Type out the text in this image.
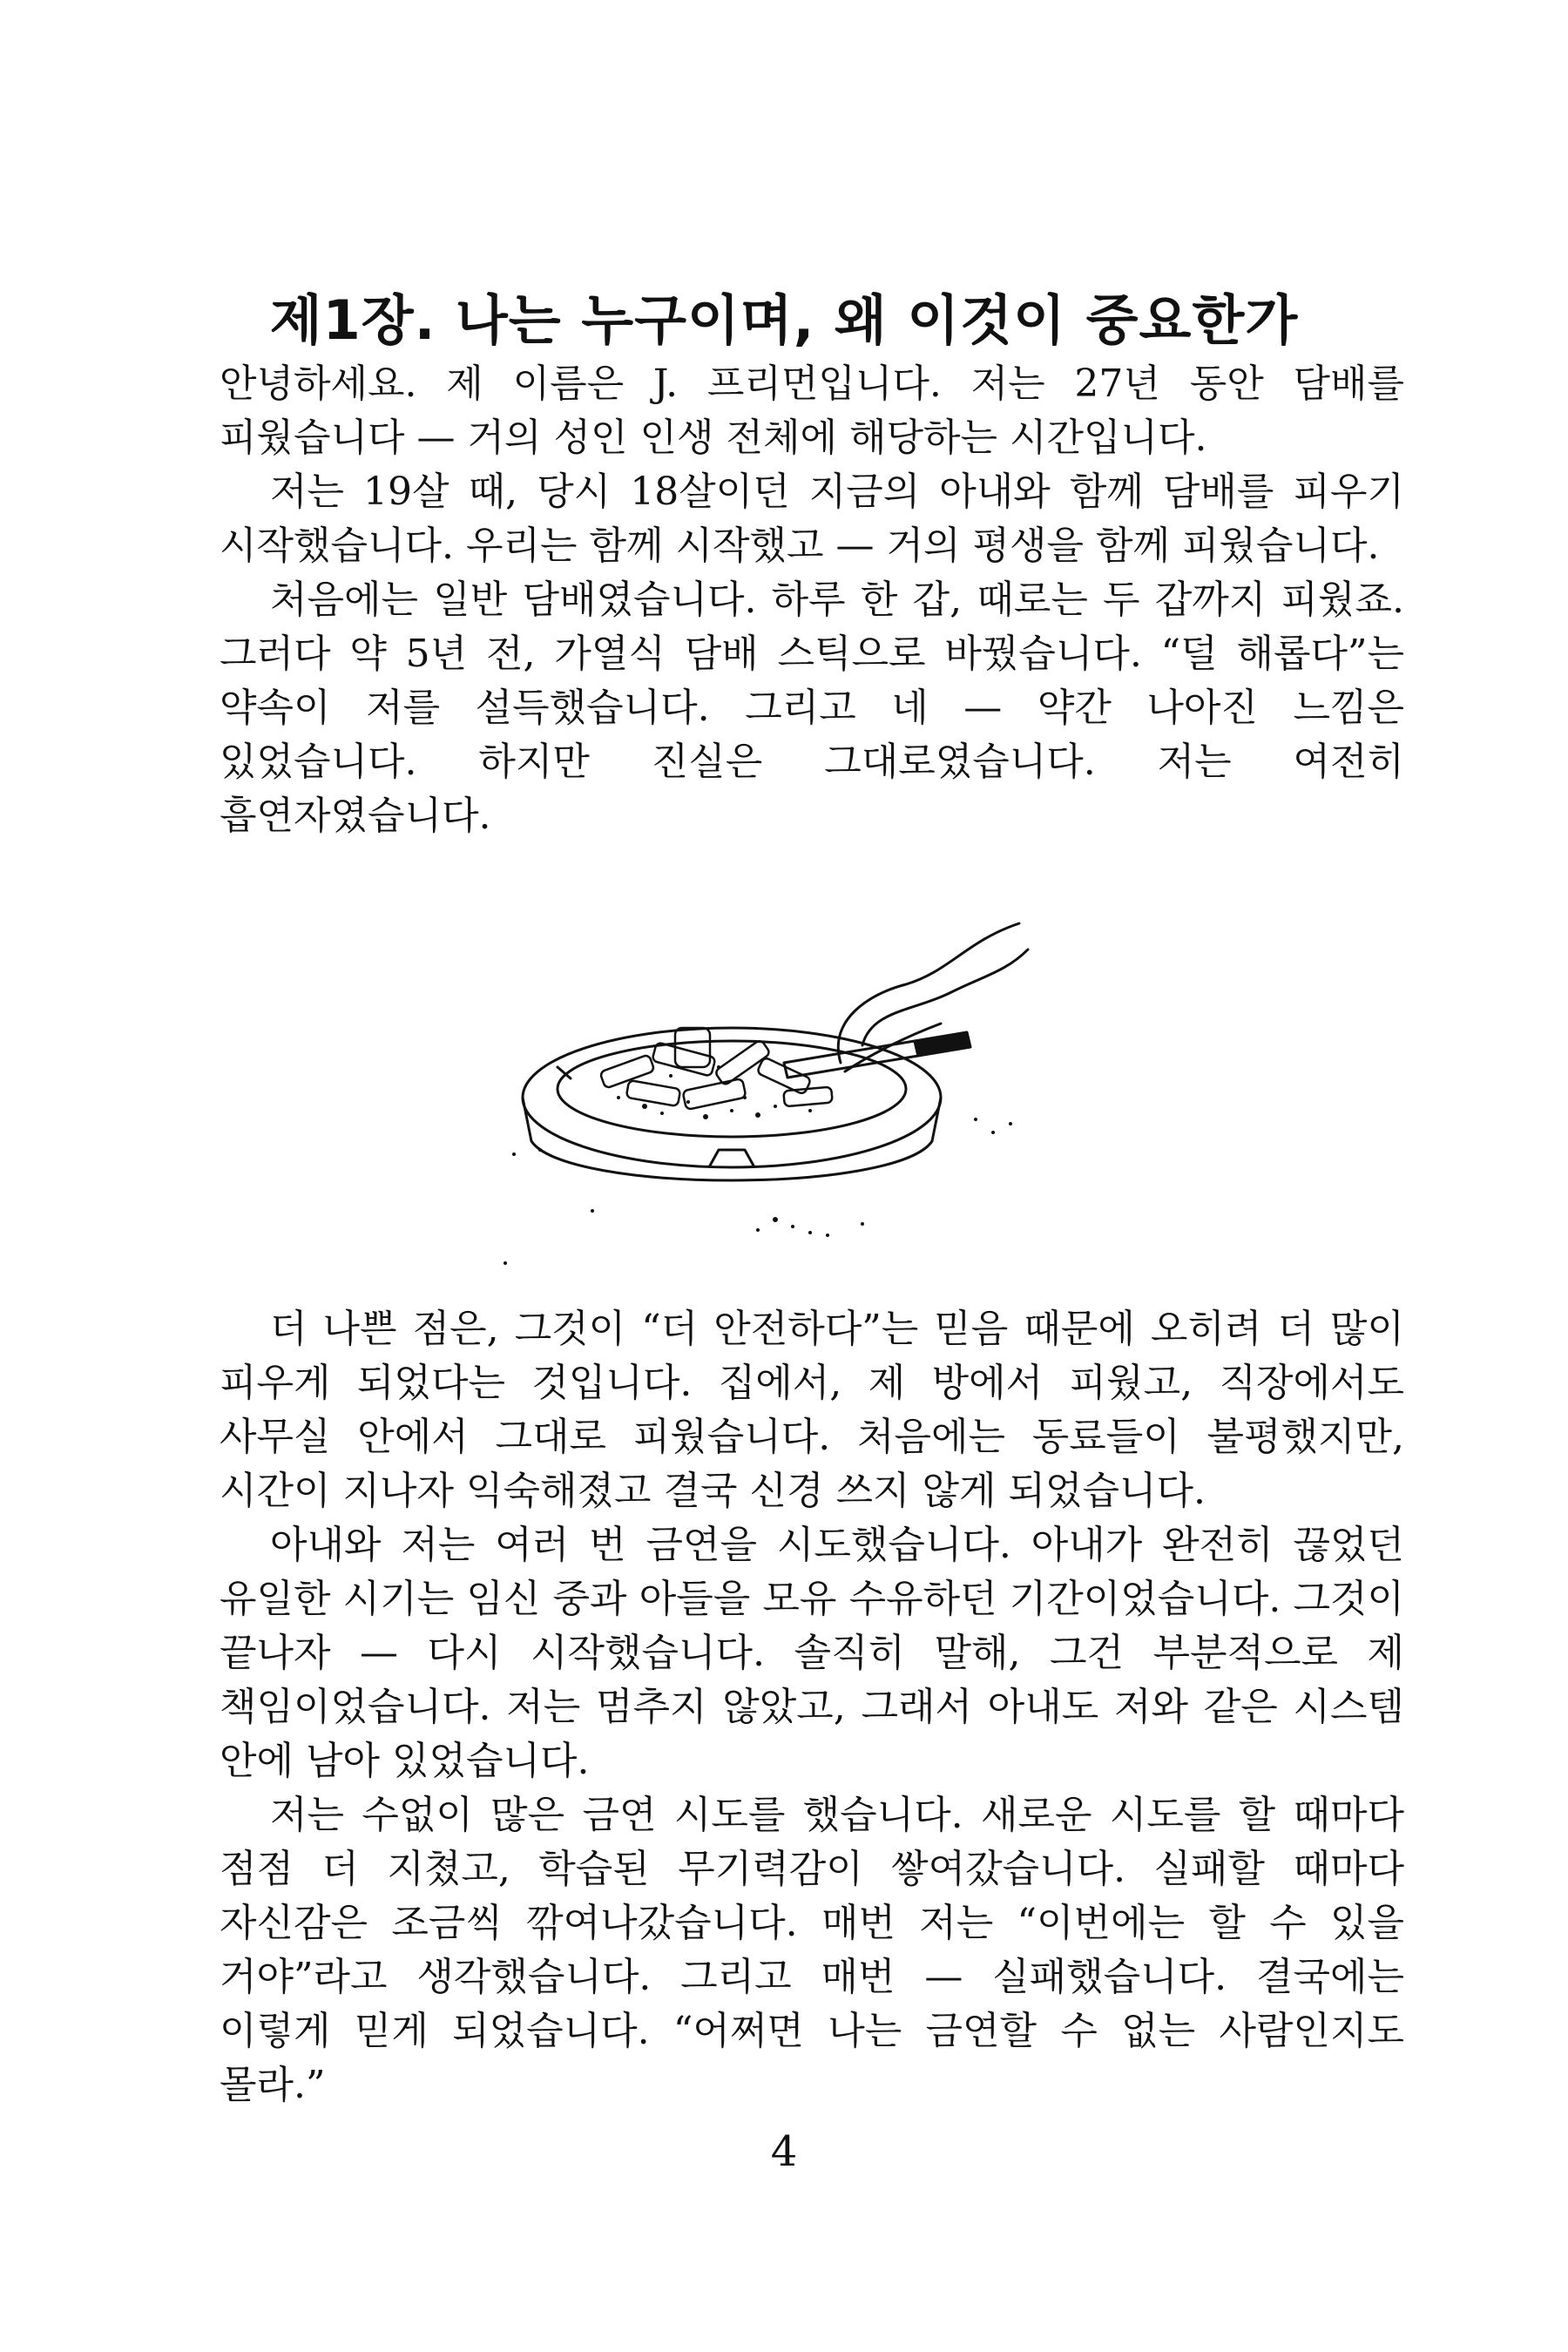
제1장. 나는 누구이며, 왜 이것이 중요한가

안녕하세요. 제 이름은 J. 프리먼입니다. 저는 27년 동안 담배를 피웠습니다 — 거의 성인 인생 전체에 해당하는 시간입니다.

저는 19살 때, 당시 18살이던 지금의 아내와 함께 담배를 피우기 시작했습니다. 우리는 함께 시작했고 — 거의 평생을 함께 피웠습니다.

처음에는 일반 담배였습니다. 하루 한 갑, 때로는 두 갑까지 피웠죠. 그러다 약 5년 전, 가열식 담배 스틱으로 바꿨습니다. “덜 해롭다”는 약속이 저를 설득했습니다. 그리고 네 — 약간 나아진 느낌은 있었습니다. 하지만 진실은 그대로였습니다. 저는 여전히 흡연자였습니다.

더 나쁜 점은, 그것이 “더 안전하다”는 믿음 때문에 오히려 더 많이 피우게 되었다는 것입니다. 집에서, 제 방에서 피웠고, 직장에서도 사무실 안에서 그대로 피웠습니다. 처음에는 동료들이 불평했지만, 시간이 지나자 익숙해졌고 결국 신경 쓰지 않게 되었습니다.

아내와 저는 여러 번 금연을 시도했습니다. 아내가 완전히 끊었던 유일한 시기는 임신 중과 아들을 모유 수유하던 기간이었습니다. 그것이 끝나자 — 다시 시작했습니다. 솔직히 말해, 그건 부분적으로 제 책임이었습니다. 저는 멈추지 않았고, 그래서 아내도 저와 같은 시스템 안에 남아 있었습니다.

저는 수없이 많은 금연 시도를 했습니다. 새로운 시도를 할 때마다 점점 더 지쳤고, 학습된 무기력감이 쌓여갔습니다. 실패할 때마다 자신감은 조금씩 깎여나갔습니다. 매번 저는 “이번에는 할 수 있을 거야”라고 생각했습니다. 그리고 매번 — 실패했습니다. 결국에는 이렇게 믿게 되었습니다. “어쩌면 나는 금연할 수 없는 사람인지도 몰라.”

4
